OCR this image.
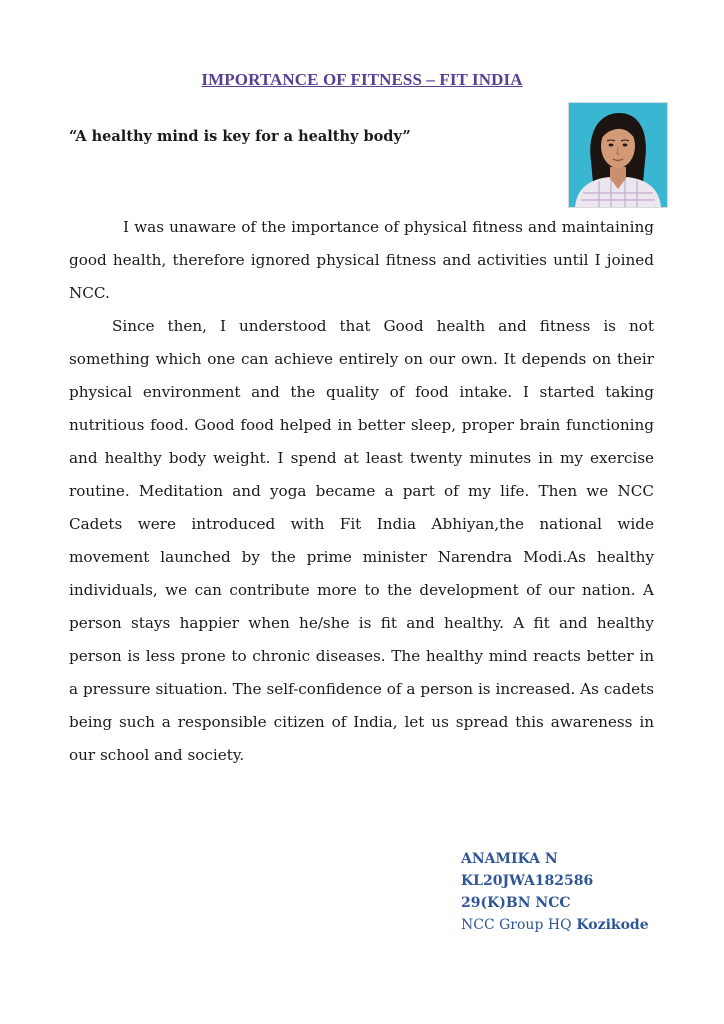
IMPORTANCE OF FITNESS – FIT INDIA
“A healthy mind is key for a healthy body”

I was unaware of the importance of physical fitness and maintaining good health, therefore ignored physical fitness and activities until I joined NCC.

Since then, I understood that Good health and fitness is not something which one can achieve entirely on our own. It depends on their physical environment and the quality of food intake. I started taking nutritious food. Good food helped in better sleep, proper brain functioning and healthy body weight. I spend at least twenty minutes in my exercise routine. Meditation and yoga became a part of my life. Then we NCC Cadets were introduced with Fit India Abhiyan,the national wide movement launched by the prime minister Narendra Modi.As healthy individuals, we can contribute more to the development of our nation. A person stays happier when he/she is fit and healthy. A fit and healthy person is less prone to chronic diseases. The healthy mind reacts better in a pressure situation. The self-confidence of a person is increased. As cadets being such a responsible citizen of India, let us spread this awareness in our school and society.

ANAMIKA N
KL20JWA182586
29(K)BN NCC
NCC Group HQ Kozikode
